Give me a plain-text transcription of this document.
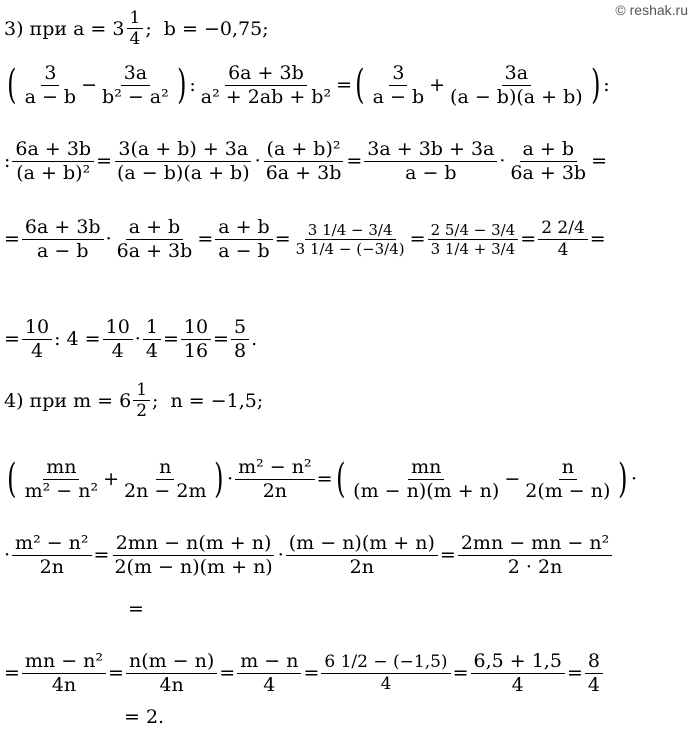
© reshak.ru
3) при $a = 3 \frac{1}{4}$ ;  b = −0,75;
( $\frac{3}{a - b} - \frac{3a}{\text{b² − a²}}$ ) : $\frac{6a + 3b}{\text{a² + 2ab + b²}}$ = ( $\frac{3}{a - b} + \frac{3a}{(a - b)(a + b)}$ ) :
: $\frac{6a + 3b}{\text{(a + b)²}} = \frac{3(a + b) + 3a}{(a - b)(a + b)} \cdot \frac{\text{(a + b)²}}{6a + 3b} = \frac{3a + 3b + 3a}{a - b} \cdot \frac{a + b}{6a + 3b}$ =
= $\frac{6a + 3b}{a - b} \cdot \frac{a + b}{6a + 3b} = \frac{a + b}{a - b} = \frac{3 1/4 - 3/4}{3 1/4 - (-3/4)} = \frac{2 5/4 - 3/4}{3 1/4 + 3/4} = \frac{2 2/4}{4}$ =
= $\frac{10}{4}$ : $4 = \frac{10}{4} \cdot \frac{1}{4} = \frac{10}{16} = \frac{5}{8}$ .
4) при $m = 6 \frac{1}{2}$ ;  n = −1,5;
( $\frac{mn}{\text{m² − n²}} + \frac{n}{2n - 2m}$ ) · $\frac{\text{m² − n²}}{2n}$ = ( $\frac{mn}{(m - n)(m + n)} - \frac{n}{2(m - n)}$ ) ·
· $\frac{\text{m² − n²}}{2n} = \frac{2mn - n(m + n)}{2(m - n)(m + n)} \cdot \frac{(m - n)(m + n)}{2n} = \frac{\text{2mn − mn − n²}}{2 \cdot 2n}$
=
= $\frac{\text{mn − n²}}{4n} = \frac{n(m - n)}{4n} = \frac{m - n}{4} = \frac{6 1/2 - (-1,5)}{4} = \frac{6,5 + 1,5}{4} = \frac{8}{4}$
= 2.
